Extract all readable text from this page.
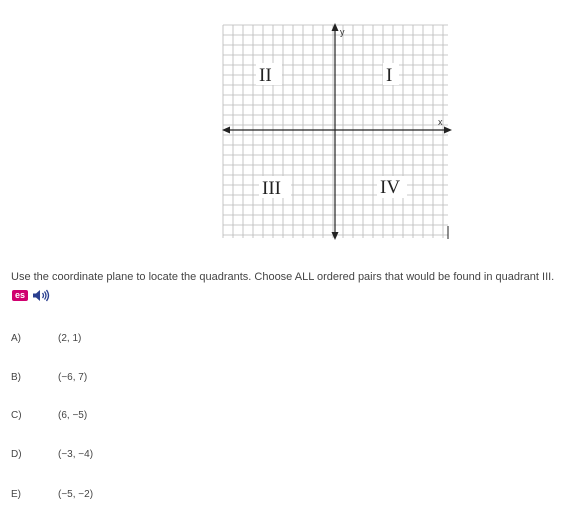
y
x
II	I
III	IV
Use the coordinate plane to locate the quadrants. Choose ALL ordered pairs that would be found in quadrant III.
es
A)	(2, 1)
B)	(−6, 7)
C)	(6, −5)
D)	(−3, −4)
E)	(−5, −2)
